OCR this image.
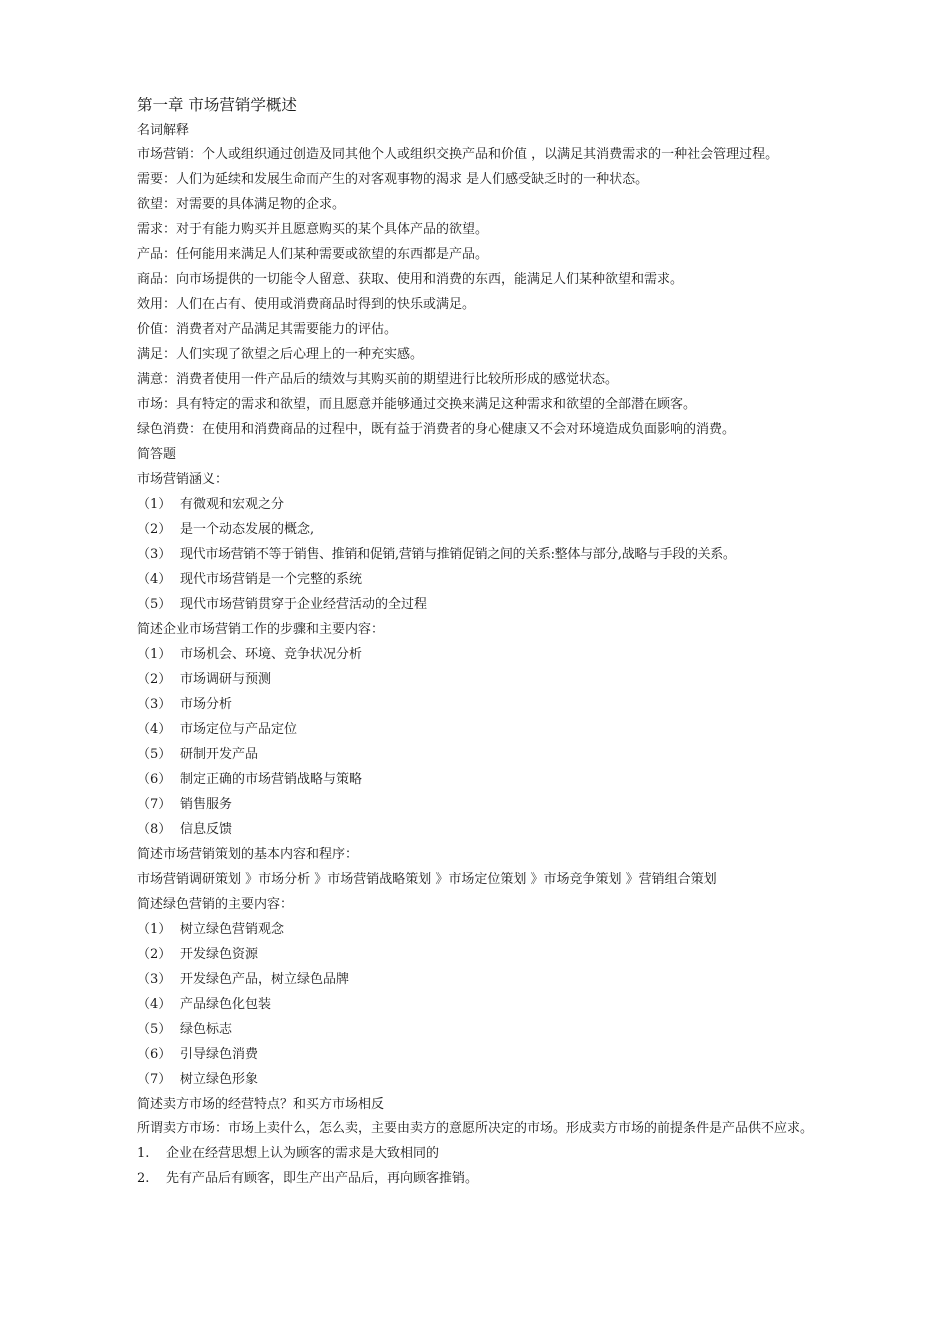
第一章 市场营销学概述

名词解释

市场营销：个人或组织通过创造及同其他个人或组织交换产品和价值 ，以满足其消费需求的一种社会管理过程。

需要：人们为延续和发展生命而产生的对客观事物的渴求 是人们感受缺乏时的一种状态。

欲望：对需要的具体满足物的企求。

需求：对于有能力购买并且愿意购买的某个具体产品的欲望。

产品：任何能用来满足人们某种需要或欲望的东西都是产品。

商品：向市场提供的一切能令人留意、获取、使用和消费的东西，能满足人们某种欲望和需求。

效用：人们在占有、使用或消费商品时得到的快乐或满足。

价值：消费者对产品满足其需要能力的评估。

满足：人们实现了欲望之后心理上的一种充实感。

满意：消费者使用一件产品后的绩效与其购买前的期望进行比较所形成的感觉状态。

市场：具有特定的需求和欲望，而且愿意并能够通过交换来满足这种需求和欲望的全部潜在顾客。

绿色消费：在使用和消费商品的过程中，既有益于消费者的身心健康又不会对环境造成负面影响的消费。

简答题

市场营销涵义：

（1） 有微观和宏观之分
（2） 是一个动态发展的概念,
（3） 现代市场营销不等于销售、推销和促销,营销与推销促销之间的关系:整体与部分,战略与手段的关系。
（4） 现代市场营销是一个完整的系统
（5） 现代市场营销贯穿于企业经营活动的全过程

简述企业市场营销工作的步骤和主要内容：

（1） 市场机会、环境、竞争状况分析
（2） 市场调研与预测
（3） 市场分析
（4） 市场定位与产品定位
（5） 研制开发产品
（6） 制定正确的市场营销战略与策略
（7） 销售服务
（8） 信息反馈

简述市场营销策划的基本内容和程序：

市场营销调研策划 》市场分析 》市场营销战略策划 》市场定位策划 》市场竞争策划 》营销组合策划

简述绿色营销的主要内容：

（1） 树立绿色营销观念
（2） 开发绿色资源
（3） 开发绿色产品，树立绿色品牌
（4） 产品绿色化包装
（5） 绿色标志
（6） 引导绿色消费
（7） 树立绿色形象

简述卖方市场的经营特点？和买方市场相反

所谓卖方市场：市场上卖什么，怎么卖，主要由卖方的意愿所决定的市场。形成卖方市场的前提条件是产品供不应求。

1.	企业在经营思想上认为顾客的需求是大致相同的
2.	先有产品后有顾客，即生产出产品后，再向顾客推销。
